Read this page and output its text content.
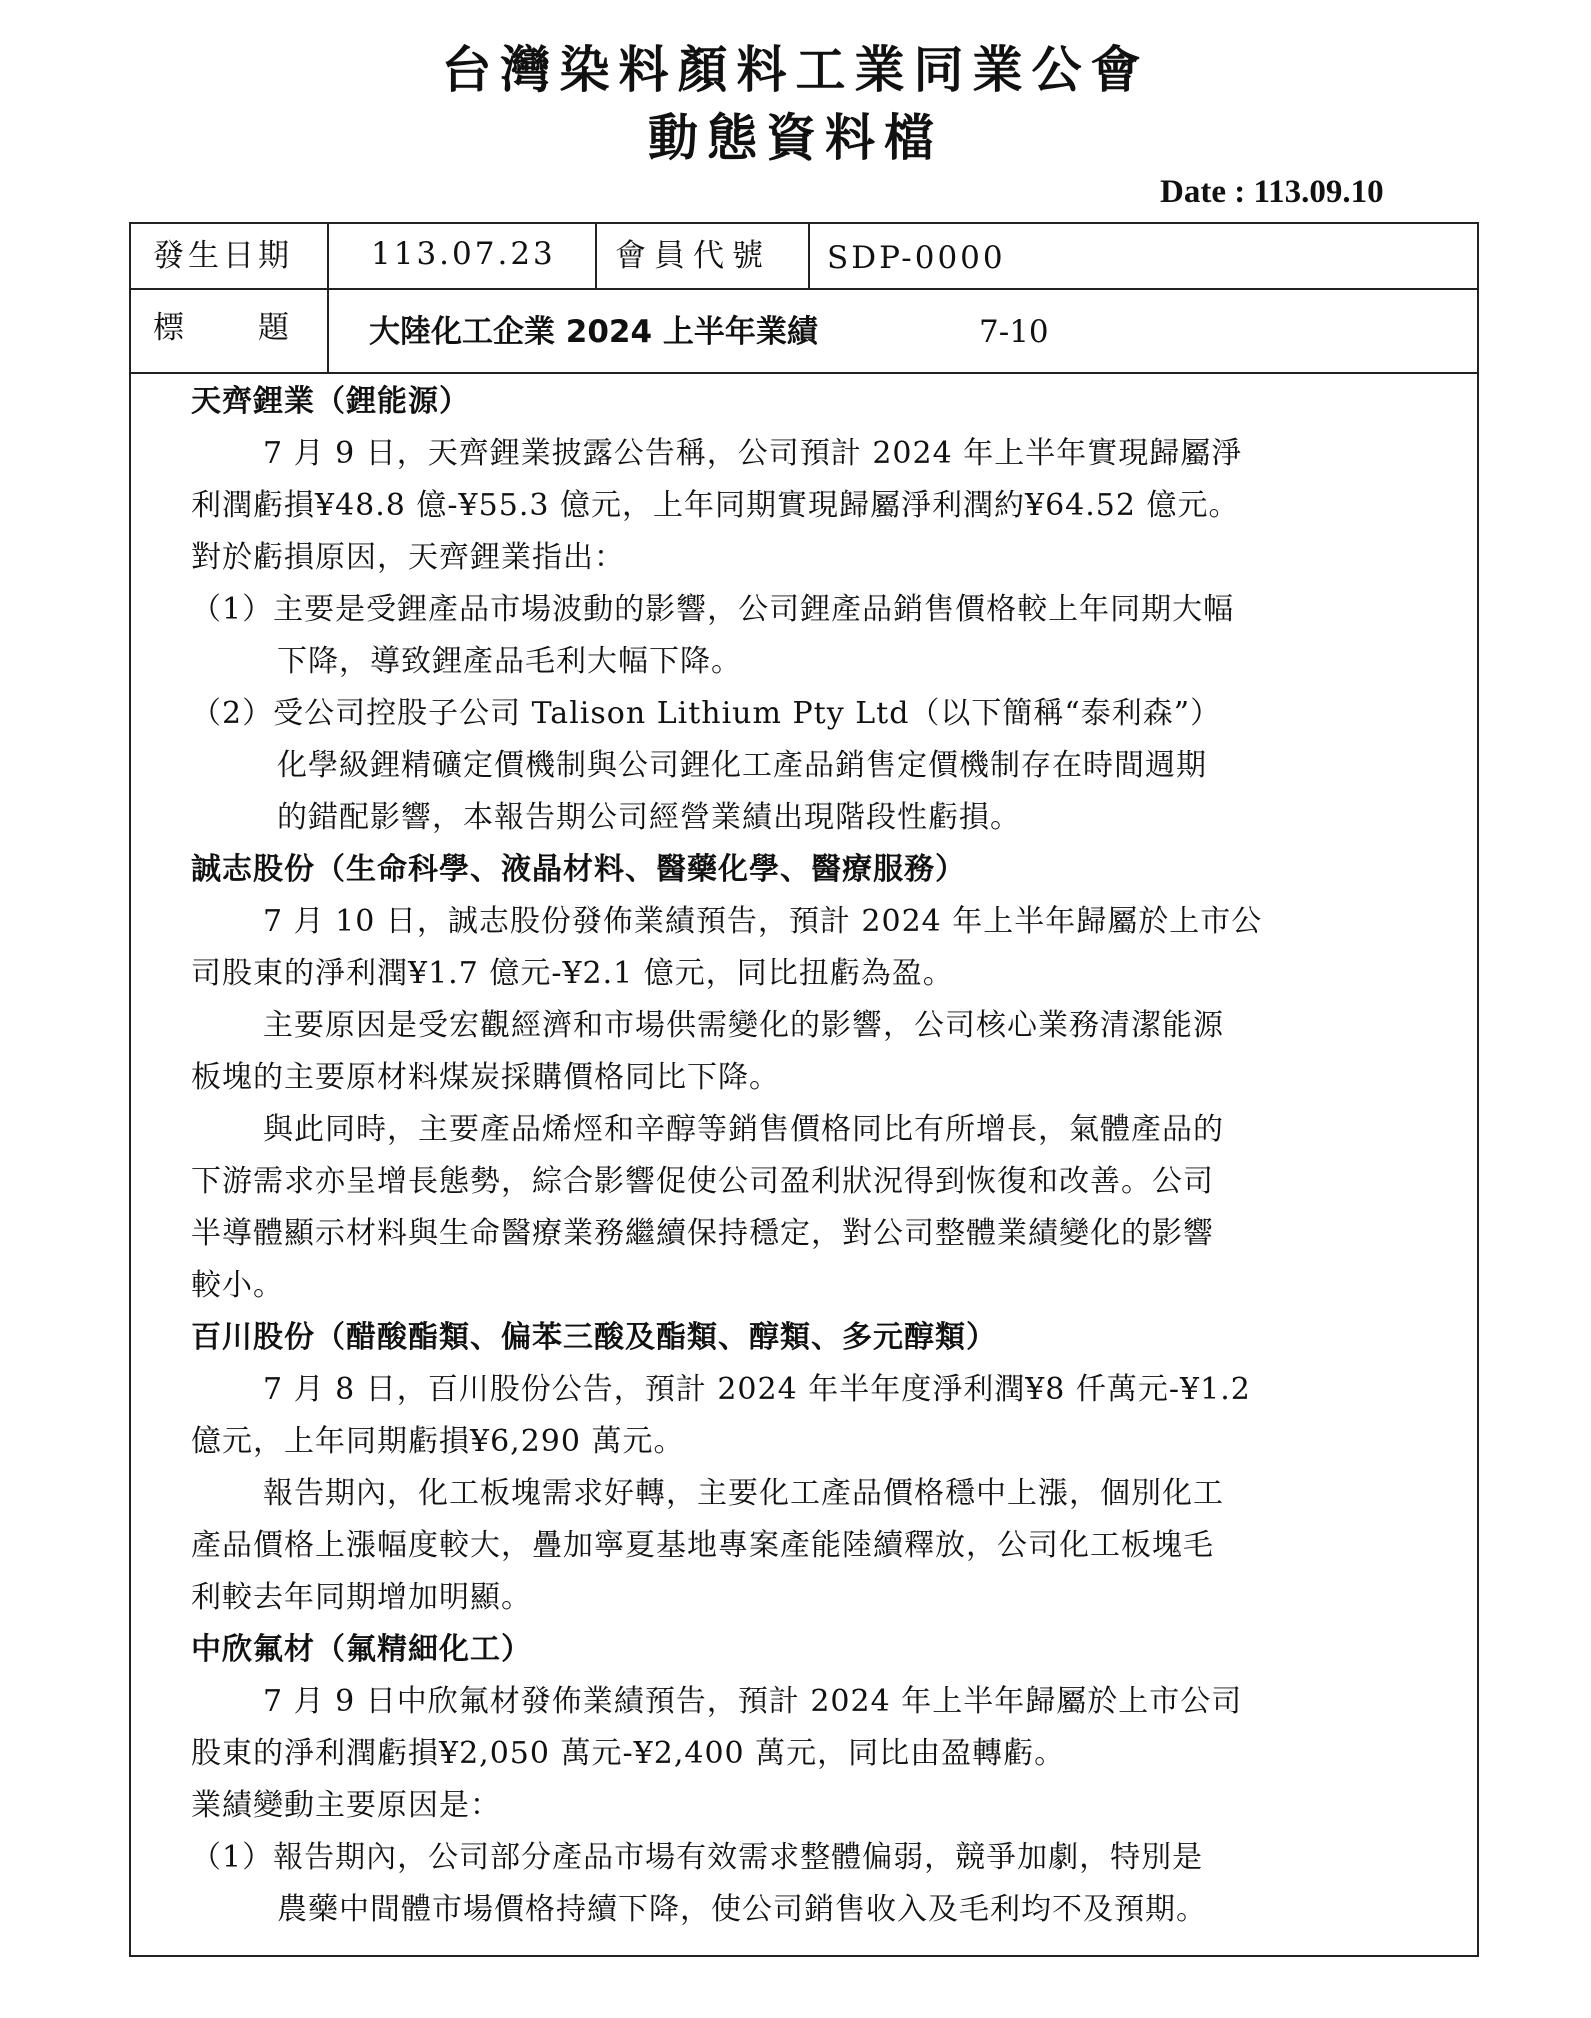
台灣染料顏料工業同業公會
動態資料檔
Date : 113.09.10
發生日期	113.07.23 會員代號 SDP-0000
標　　題 大陸化工企業 2024 上半年業績	7-10
天齊鋰業（鋰能源）
7 月 9 日，天齊鋰業披露公告稱，公司預計 2024 年上半年實現歸屬淨
利潤虧損¥48.8 億-¥55.3 億元，上年同期實現歸屬淨利潤約¥64.52 億元。
對於虧損原因，天齊鋰業指出：
（1）主要是受鋰產品市場波動的影響，公司鋰產品銷售價格較上年同期大幅
下降，導致鋰產品毛利大幅下降。
（2）受公司控股子公司 Talison Lithium Pty Ltd（以下簡稱“泰利森”）
化學級鋰精礦定價機制與公司鋰化工產品銷售定價機制存在時間週期
的錯配影響，本報告期公司經營業績出現階段性虧損。
誠志股份（生命科學、液晶材料、醫藥化學、醫療服務）
7 月 10 日，誠志股份發佈業績預告，預計 2024 年上半年歸屬於上市公
司股東的淨利潤¥1.7 億元-¥2.1 億元，同比扭虧為盈。
主要原因是受宏觀經濟和市場供需變化的影響，公司核心業務清潔能源
板塊的主要原材料煤炭採購價格同比下降。
與此同時，主要產品烯烴和辛醇等銷售價格同比有所增長，氣體產品的
下游需求亦呈增長態勢，綜合影響促使公司盈利狀況得到恢復和改善。公司
半導體顯示材料與生命醫療業務繼續保持穩定，對公司整體業績變化的影響
較小。
百川股份（醋酸酯類、偏苯三酸及酯類、醇類、多元醇類）
7 月 8 日，百川股份公告，預計 2024 年半年度淨利潤¥8 仟萬元-¥1.2
億元，上年同期虧損¥6,290 萬元。
報告期內，化工板塊需求好轉，主要化工產品價格穩中上漲，個別化工
產品價格上漲幅度較大，疊加寧夏基地專案產能陸續釋放，公司化工板塊毛
利較去年同期增加明顯。
中欣氟材（氟精細化工）
7 月 9 日中欣氟材發佈業績預告，預計 2024 年上半年歸屬於上市公司
股東的淨利潤虧損¥2,050 萬元-¥2,400 萬元，同比由盈轉虧。
業績變動主要原因是：
（1）報告期內，公司部分產品市場有效需求整體偏弱，競爭加劇，特別是
農藥中間體市場價格持續下降，使公司銷售收入及毛利均不及預期。
